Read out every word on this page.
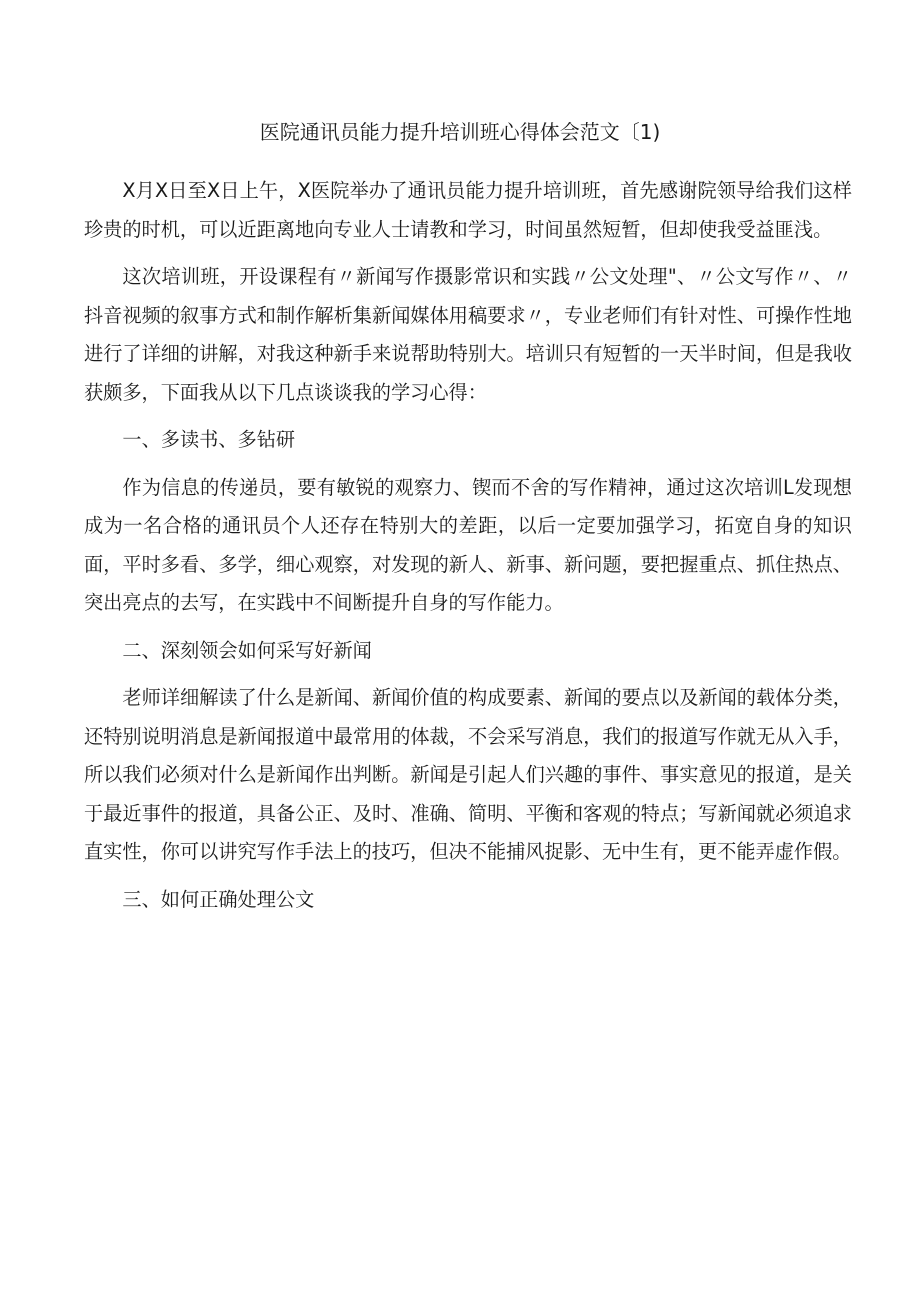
医院通讯员能力提升培训班心得体会范文〔1)

X月X日至X日上午，X医院举办了通讯员能力提升培训班，首先感谢院领导给我们这样珍贵的时机，可以近距离地向专业人士请教和学习，时间虽然短暂，但却使我受益匪浅。

这次培训班，开设课程有〃新闻写作摄影常识和实践〃公文处理"、〃公文写作〃、〃抖音视频的叙事方式和制作解析集新闻媒体用稿要求〃，专业老师们有针对性、可操作性地进行了详细的讲解，对我这种新手来说帮助特别大。培训只有短暂的一天半时间，但是我收获颇多，下面我从以下几点谈谈我的学习心得：

一、多读书、多钻研

作为信息的传递员，要有敏锐的观察力、锲而不舍的写作精神，通过这次培训L发现想成为一名合格的通讯员个人还存在特别大的差距，以后一定要加强学习，拓宽自身的知识面，平时多看、多学，细心观察，对发现的新人、新事、新问题，要把握重点、抓住热点、突出亮点的去写，在实践中不间断提升自身的写作能力。

二、深刻领会如何采写好新闻

老师详细解读了什么是新闻、新闻价值的构成要素、新闻的要点以及新闻的载体分类，还特别说明消息是新闻报道中最常用的体裁，不会采写消息，我们的报道写作就无从入手，所以我们必须对什么是新闻作出判断。新闻是引起人们兴趣的事件、事实意见的报道，是关于最近事件的报道，具备公正、及时、准确、简明、平衡和客观的特点；写新闻就必须追求直实性，你可以讲究写作手法上的技巧，但决不能捕风捉影、无中生有，更不能弄虚作假。

三、如何正确处理公文
